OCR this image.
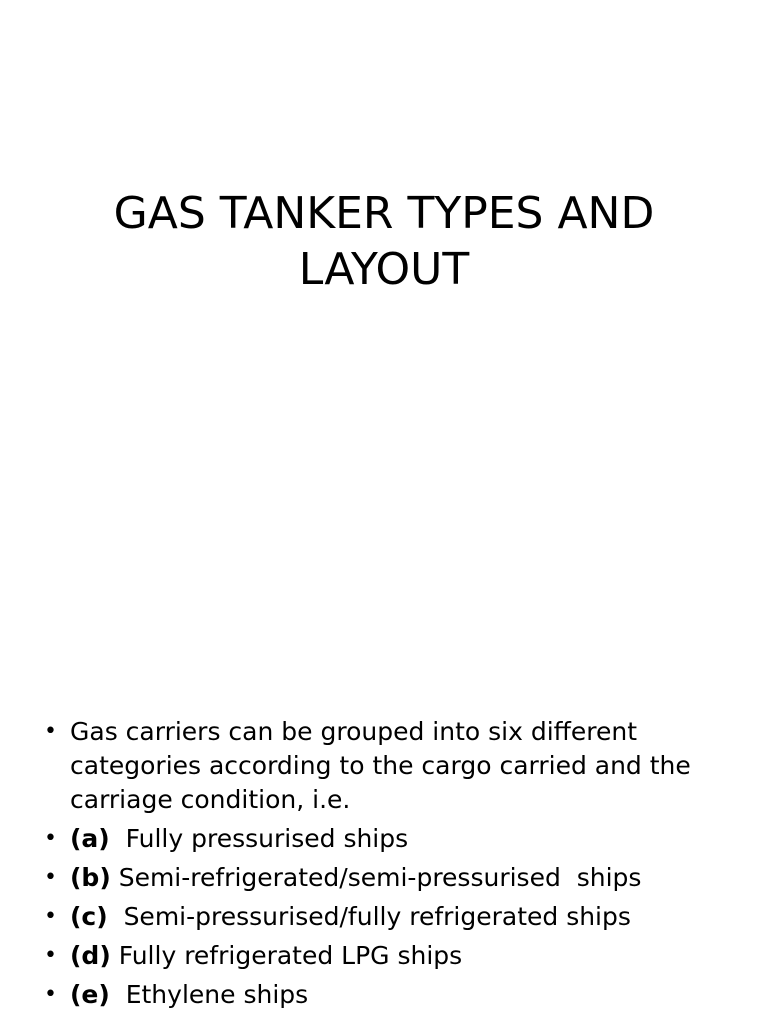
GAS TANKER TYPES AND
LAYOUT
• Gas carriers can be grouped into six different categories according to the cargo carried and the carriage condition, i.e.
• (a)  Fully pressurised ships
• (b) Semi-refrigerated/semi-pressurised  ships
• (c)  Semi-pressurised/fully refrigerated ships
• (d) Fully refrigerated LPG ships
• (e)  Ethylene ships
